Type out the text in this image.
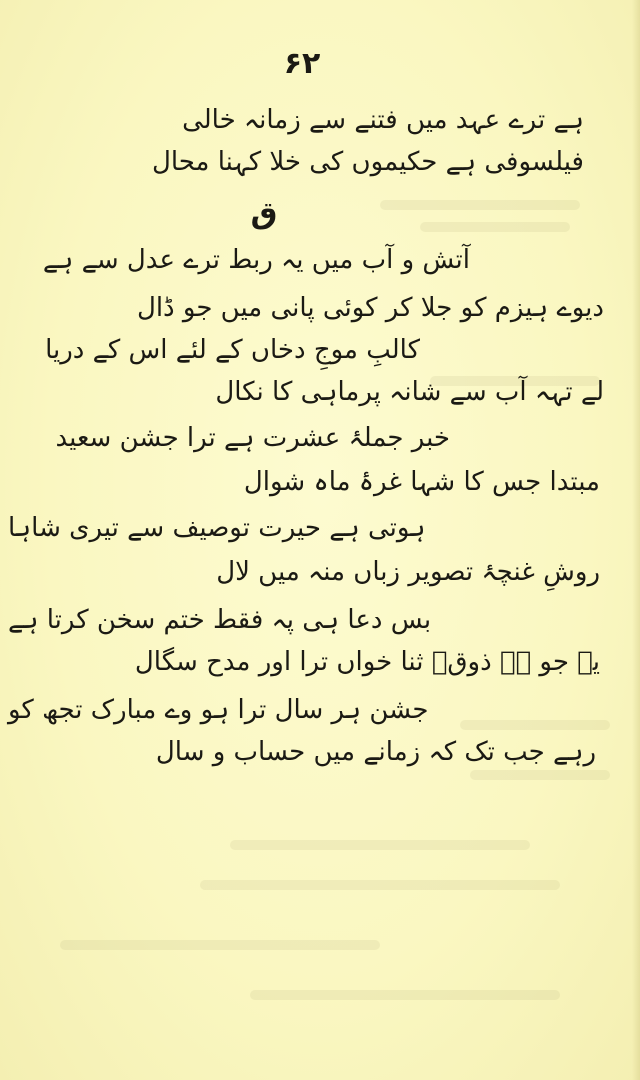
۶۲
ہے ترے عہد میں فتنے سے زمانہ خالی
فیلسوفی ہے حکیموں کی خلا کہنا محال
ق
آتش و آب میں یہ ربط ترے عدل سے ہے
دیوے ہیزم کو جلا کر کوئی پانی میں جو ڈال
کالبِ موجِ دخاں کے لئے اس کے دریا
لے تہہ آب سے شانہ پرماہی کا نکال
خبر جملۂ عشرت ہے ترا جشن سعید
مبتدا جس کا شہا غرۂ ماہ شوال
ہوتی ہے حیرت توصیف سے تیری شاہا
روشِ غنچۂ تصویر زباں منہ میں لال
بس دعا ہی پہ فقط ختم سخن کرتا ہے
یہ جو ہے ذوقؔ ثنا خواں ترا اور مدح سگال
جشن ہر سال ترا ہو وے مبارک تجھ کو
رہے جب تک کہ زمانے میں حساب و سال
